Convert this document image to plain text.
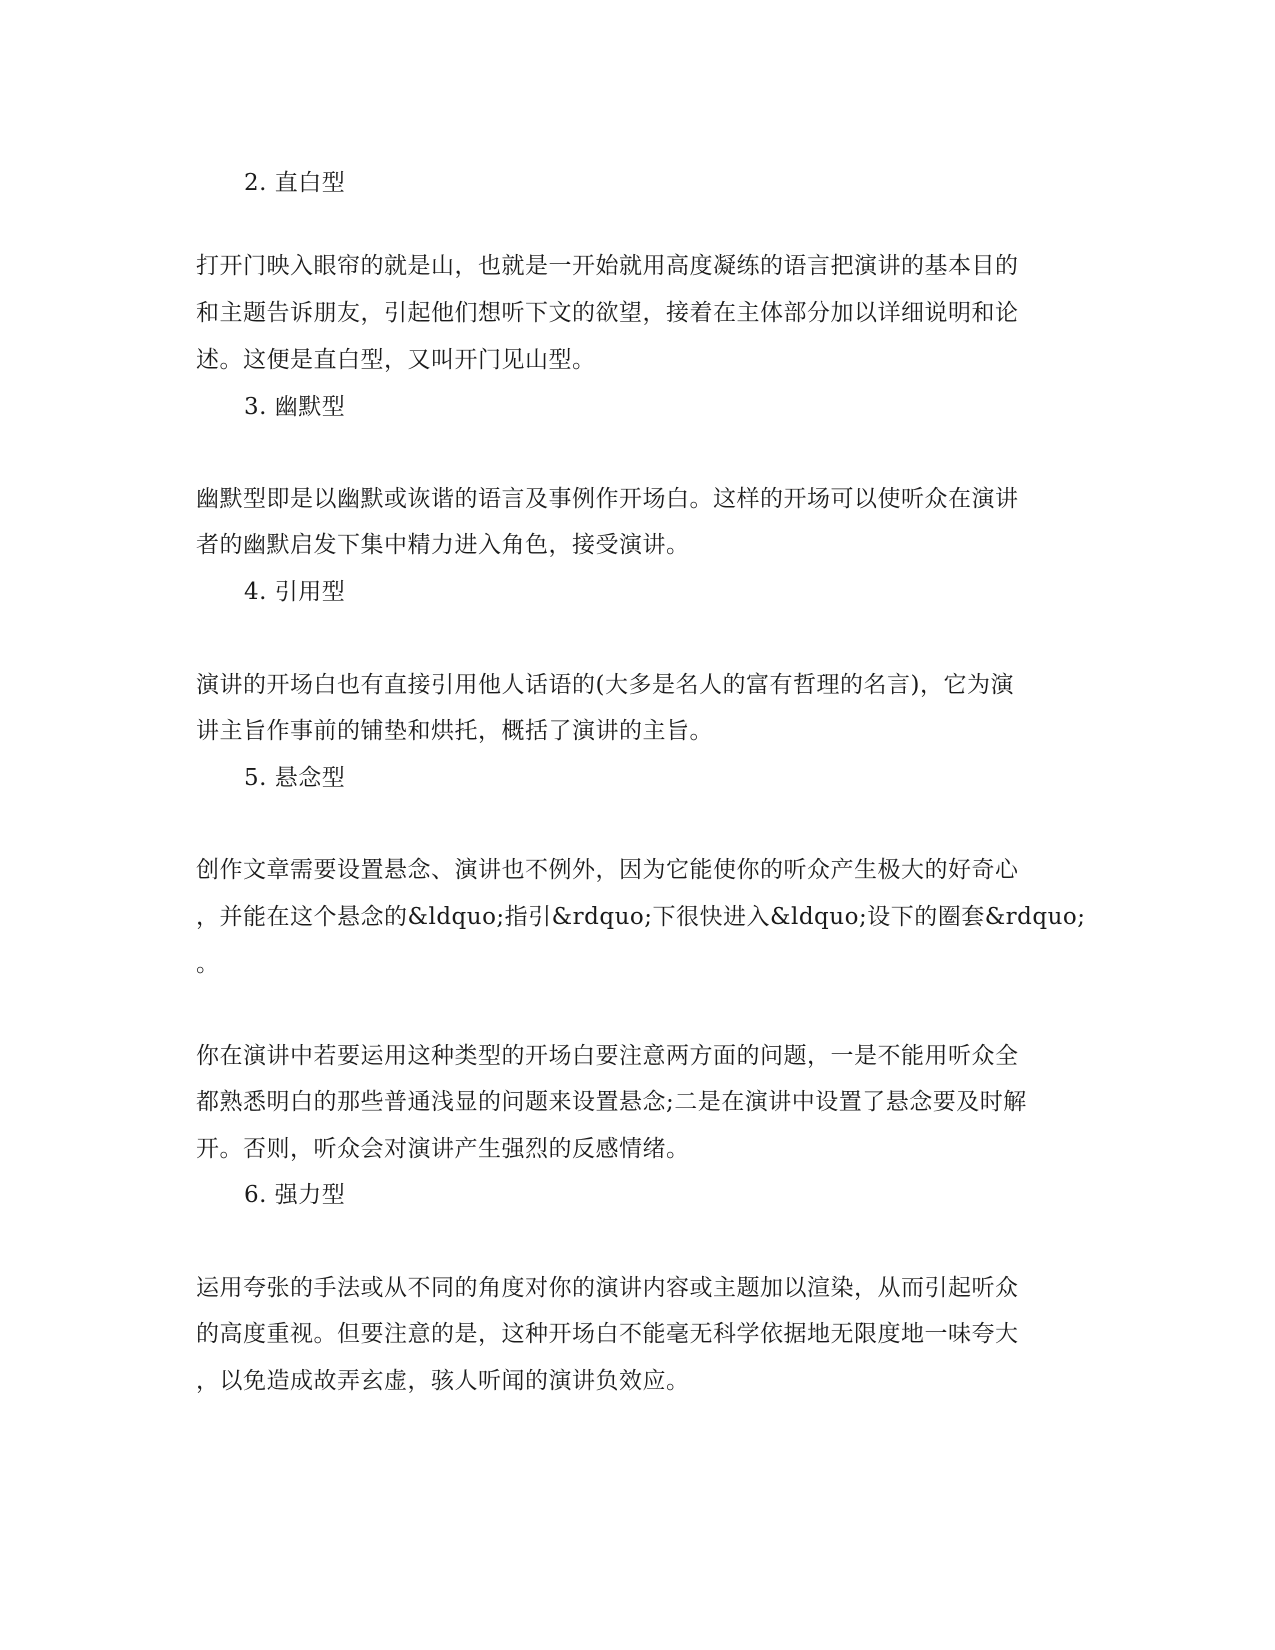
2. 直白型
打开门映入眼帘的就是山，也就是一开始就用高度凝练的语言把演讲的基本目的
和主题告诉朋友，引起他们想听下文的欲望，接着在主体部分加以详细说明和论
述。这便是直白型，又叫开门见山型。
3. 幽默型
幽默型即是以幽默或诙谐的语言及事例作开场白。这样的开场可以使听众在演讲
者的幽默启发下集中精力进入角色，接受演讲。
4. 引用型
演讲的开场白也有直接引用他人话语的(大多是名人的富有哲理的名言)，它为演
讲主旨作事前的铺垫和烘托，概括了演讲的主旨。
5. 悬念型
创作文章需要设置悬念、演讲也不例外，因为它能使你的听众产生极大的好奇心
，并能在这个悬念的&ldquo;指引&rdquo;下很快进入&ldquo;设下的圈套&rdquo;
。
你在演讲中若要运用这种类型的开场白要注意两方面的问题，一是不能用听众全
都熟悉明白的那些普通浅显的问题来设置悬念;二是在演讲中设置了悬念要及时解
开。否则，听众会对演讲产生强烈的反感情绪。
6. 强力型
运用夸张的手法或从不同的角度对你的演讲内容或主题加以渲染，从而引起听众
的高度重视。但要注意的是，这种开场白不能毫无科学依据地无限度地一味夸大
，以免造成故弄玄虚，骇人听闻的演讲负效应。
